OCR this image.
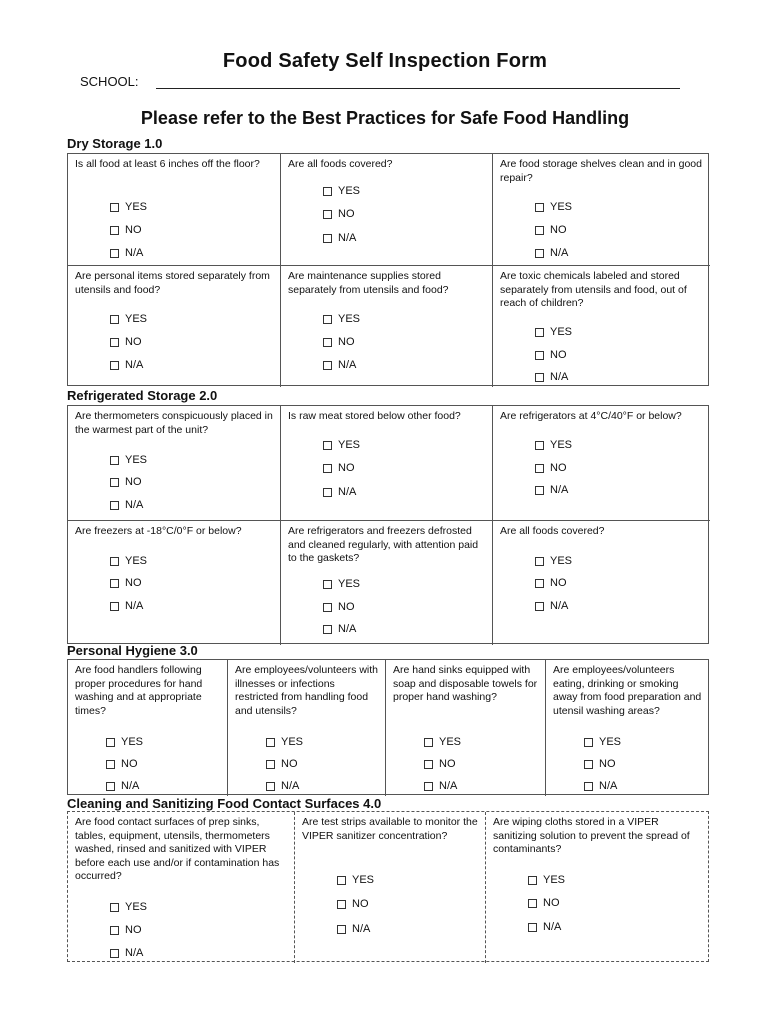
Food Safety Self Inspection Form
SCHOOL:
Please refer to the Best Practices for Safe Food Handling
Dry Storage 1.0
Is all food at least 6 inches off the floor?
YES
NO
N/A
Are all foods covered?
YES
NO
N/A
Are food storage shelves clean and in good repair?
YES
NO
N/A
Are personal items stored separately from utensils and food?
YES
NO
N/A
Are maintenance supplies stored separately from utensils and food?
YES
NO
N/A
Are toxic chemicals labeled and stored separately from utensils and food, out of reach of children?
YES
NO
N/A
Refrigerated Storage 2.0
Are thermometers conspicuously placed in the warmest part of the unit?
YES
NO
N/A
Is raw meat stored below other food?
YES
NO
N/A
Are refrigerators at 4°C/40°F or below?
YES
NO
N/A
Are freezers at -18°C/0°F or below?
YES
NO
N/A
Are refrigerators and freezers defrosted and cleaned regularly, with attention paid to the gaskets?
YES
NO
N/A
Are all foods covered?
YES
NO
N/A
Personal Hygiene 3.0
Are food handlers following proper procedures for hand washing and at appropriate times?
YES
NO
N/A
Are employees/volunteers with illnesses or infections restricted from handling food and utensils?
YES
NO
N/A
Are hand sinks equipped with soap and disposable towels for proper hand washing?
YES
NO
N/A
Are employees/volunteers eating, drinking or smoking away from food preparation and utensil washing areas?
YES
NO
N/A
Cleaning and Sanitizing Food Contact Surfaces 4.0
Are food contact surfaces of prep sinks, tables, equipment, utensils, thermometers washed, rinsed and sanitized with VIPER before each use and/or if contamination has occurred?
YES
NO
N/A
Are test strips available to monitor the VIPER sanitizer concentration?
YES
NO
N/A
Are wiping cloths stored in a VIPER sanitizing solution to prevent the spread of contaminants?
YES
NO
N/A
